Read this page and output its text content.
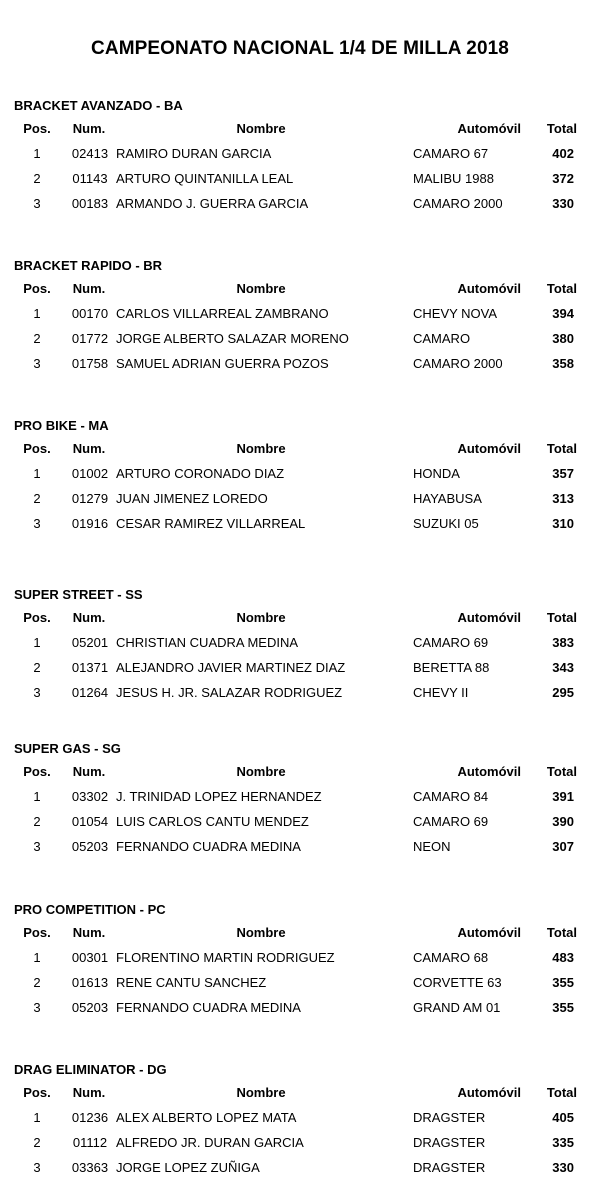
CAMPEONATO NACIONAL 1/4 DE MILLA 2018
BRACKET AVANZADO - BA
Pos.	Num.	Nombre	Automóvil	Total
1	02413 RAMIRO DURAN GARCIA	CAMARO 67	402
2	01143 ARTURO QUINTANILLA LEAL	MALIBU 1988	372
3	00183 ARMANDO J. GUERRA GARCIA	CAMARO 2000	330
BRACKET RAPIDO - BR
Pos.	Num.	Nombre	Automóvil	Total
1	00170 CARLOS VILLARREAL ZAMBRANO	CHEVY NOVA	394
2	01772 JORGE ALBERTO SALAZAR MORENO	CAMARO	380
3	01758 SAMUEL ADRIAN GUERRA POZOS	CAMARO 2000	358
PRO BIKE - MA
Pos.	Num.	Nombre	Automóvil	Total
1	01002 ARTURO CORONADO DIAZ	HONDA	357
2	01279 JUAN JIMENEZ LOREDO	HAYABUSA	313
3	01916 CESAR RAMIREZ VILLARREAL	SUZUKI 05	310
SUPER STREET - SS
Pos.	Num.	Nombre	Automóvil	Total
1	05201 CHRISTIAN CUADRA MEDINA	CAMARO 69	383
2	01371 ALEJANDRO JAVIER MARTINEZ DIAZ	BERETTA 88	343
3	01264 JESUS H. JR. SALAZAR RODRIGUEZ	CHEVY II	295
SUPER GAS - SG
Pos.	Num.	Nombre	Automóvil	Total
1	03302 J. TRINIDAD LOPEZ HERNANDEZ	CAMARO 84	391
2	01054 LUIS CARLOS CANTU MENDEZ	CAMARO 69	390
3	05203 FERNANDO CUADRA MEDINA	NEON	307
PRO COMPETITION - PC
Pos.	Num.	Nombre	Automóvil	Total
1	00301 FLORENTINO MARTIN RODRIGUEZ	CAMARO 68	483
2	01613 RENE CANTU SANCHEZ	CORVETTE 63	355
3	05203 FERNANDO CUADRA MEDINA	GRAND AM 01	355
DRAG ELIMINATOR - DG
Pos.	Num.	Nombre	Automóvil	Total
1	01236 ALEX ALBERTO LOPEZ MATA	DRAGSTER	405
2	01112 ALFREDO JR. DURAN GARCIA	DRAGSTER	335
3	03363 JORGE LOPEZ ZUÑIGA	DRAGSTER	330
